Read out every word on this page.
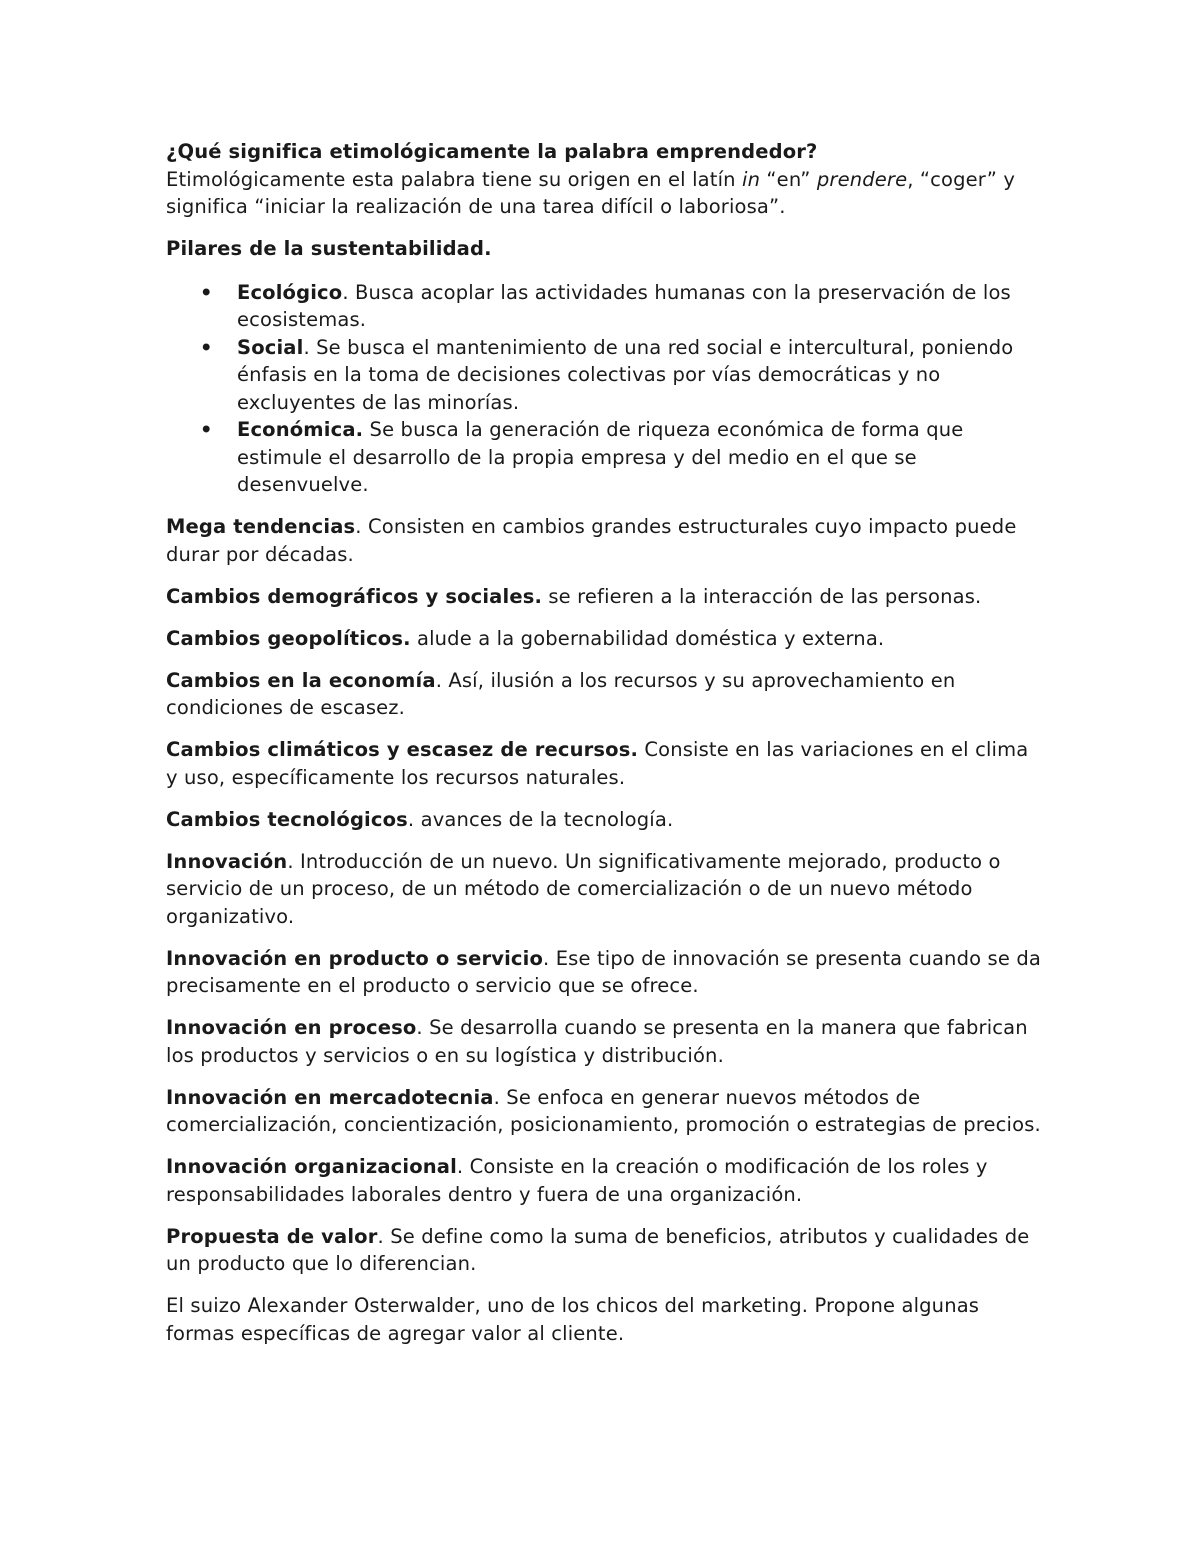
¿Qué significa etimológicamente la palabra emprendedor?

Etimológicamente esta palabra tiene su origen en el latín in “en” prendere, “coger” y significa “iniciar la realización de una tarea difícil o laboriosa”.

Pilares de la sustentabilidad.

• Ecológico. Busca acoplar las actividades humanas con la preservación de los ecosistemas.
• Social. Se busca el mantenimiento de una red social e intercultural, poniendo énfasis en la toma de decisiones colectivas por vías democráticas y no excluyentes de las minorías.
• Económica. Se busca la generación de riqueza económica de forma que estimule el desarrollo de la propia empresa y del medio en el que se desenvuelve.

Mega tendencias. Consisten en cambios grandes estructurales cuyo impacto puede durar por décadas.

Cambios demográficos y sociales. se refieren a la interacción de las personas.

Cambios geopolíticos. alude a la gobernabilidad doméstica y externa.

Cambios en la economía. Así, ilusión a los recursos y su aprovechamiento en condiciones de escasez.

Cambios climáticos y escasez de recursos. Consiste en las variaciones en el clima y uso, específicamente los recursos naturales.

Cambios tecnológicos. avances de la tecnología.

Innovación. Introducción de un nuevo. Un significativamente mejorado, producto o servicio de un proceso, de un método de comercialización o de un nuevo método organizativo.

Innovación en producto o servicio. Ese tipo de innovación se presenta cuando se da precisamente en el producto o servicio que se ofrece.

Innovación en proceso. Se desarrolla cuando se presenta en la manera que fabrican los productos y servicios o en su logística y distribución.

Innovación en mercadotecnia. Se enfoca en generar nuevos métodos de comercialización, concientización, posicionamiento, promoción o estrategias de precios.

Innovación organizacional. Consiste en la creación o modificación de los roles y responsabilidades laborales dentro y fuera de una organización.

Propuesta de valor. Se define como la suma de beneficios, atributos y cualidades de un producto que lo diferencian.

El suizo Alexander Osterwalder, uno de los chicos del marketing. Propone algunas formas específicas de agregar valor al cliente.
